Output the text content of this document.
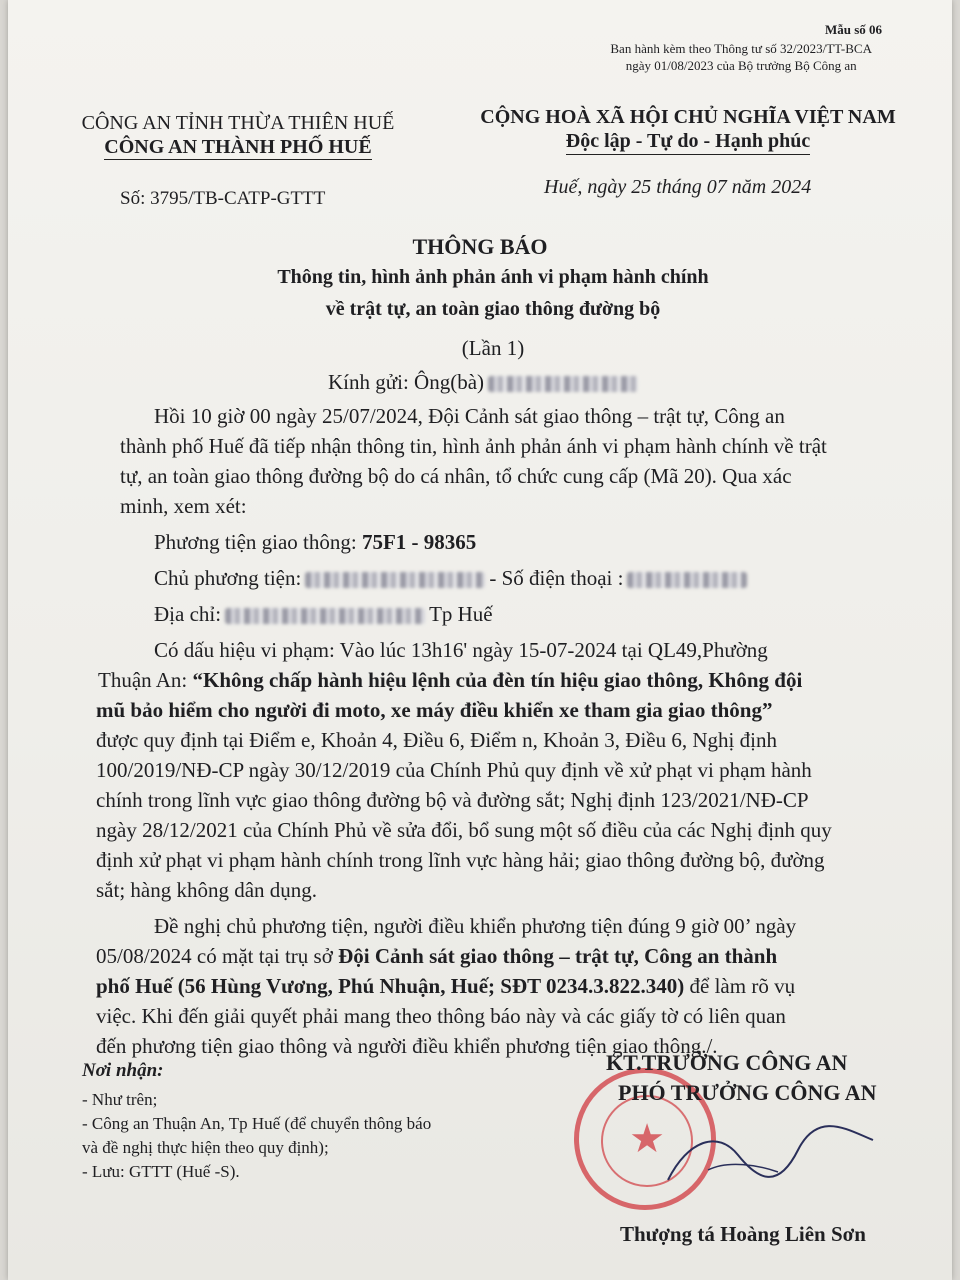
Mẫu số 06
Ban hành kèm theo Thông tư số 32/2023/TT-BCA
ngày 01/08/2023 của Bộ trưởng Bộ Công an
CÔNG AN TỈNH THỪA THIÊN HUẾ
CÔNG AN THÀNH PHỐ HUẾ
CỘNG HOÀ XÃ HỘI CHỦ NGHĨA VIỆT NAM
Độc lập - Tự do - Hạnh phúc
Số: 3795/TB-CATP-GTTT
Huế, ngày 25 tháng 07 năm 2024
THÔNG BÁO
Thông tin, hình ảnh phản ánh vi phạm hành chính
về trật tự, an toàn giao thông đường bộ
(Lần 1)
Kính gửi: Ông(bà)
Hồi 10 giờ 00 ngày 25/07/2024, Đội Cảnh sát giao thông – trật tự, Công an
thành phố Huế đã tiếp nhận thông tin, hình ảnh phản ánh vi phạm hành chính về trật
tự, an toàn giao thông đường bộ do cá nhân, tổ chức cung cấp (Mã 20). Qua xác
minh, xem xét:
Phương tiện giao thông: 75F1 - 98365
Chủ phương tiện:	- Số điện thoại :
Địa chỉ:	Tp Huế
Có dấu hiệu vi phạm: Vào lúc 13h16' ngày 15-07-2024 tại QL49,Phường
Thuận An: “Không chấp hành hiệu lệnh của đèn tín hiệu giao thông, Không đội
mũ bảo hiểm cho người đi moto, xe máy điều khiển xe tham gia giao thông”
được quy định tại Điểm e, Khoản 4, Điều 6, Điểm n, Khoản 3, Điều 6, Nghị định
100/2019/NĐ-CP ngày 30/12/2019 của Chính Phủ quy định về xử phạt vi phạm hành
chính trong lĩnh vực giao thông đường bộ và đường sắt; Nghị định 123/2021/NĐ-CP
ngày 28/12/2021 của Chính Phủ về sửa đổi, bổ sung một số điều của các Nghị định quy
định xử phạt vi phạm hành chính trong lĩnh vực hàng hải; giao thông đường bộ, đường
sắt; hàng không dân dụng.
Đề nghị chủ phương tiện, người điều khiển phương tiện đúng 9 giờ 00’ ngày
05/08/2024 có mặt tại trụ sở Đội Cảnh sát giao thông – trật tự, Công an thành
phố Huế (56 Hùng Vương, Phú Nhuận, Huế; SĐT 0234.3.822.340) để làm rõ vụ
việc. Khi đến giải quyết phải mang theo thông báo này và các giấy tờ có liên quan
đến phương tiện giao thông và người điều khiển phương tiện giao thông./.
Nơi nhận:
- Như trên;
- Công an Thuận An, Tp Huế (để chuyển thông báo
và đề nghị thực hiện theo quy định);
- Lưu: GTTT (Huế -S).
★
KT.TRƯỞNG CÔNG AN
PHÓ TRƯỞNG CÔNG AN
Thượng tá Hoàng Liên Sơn
